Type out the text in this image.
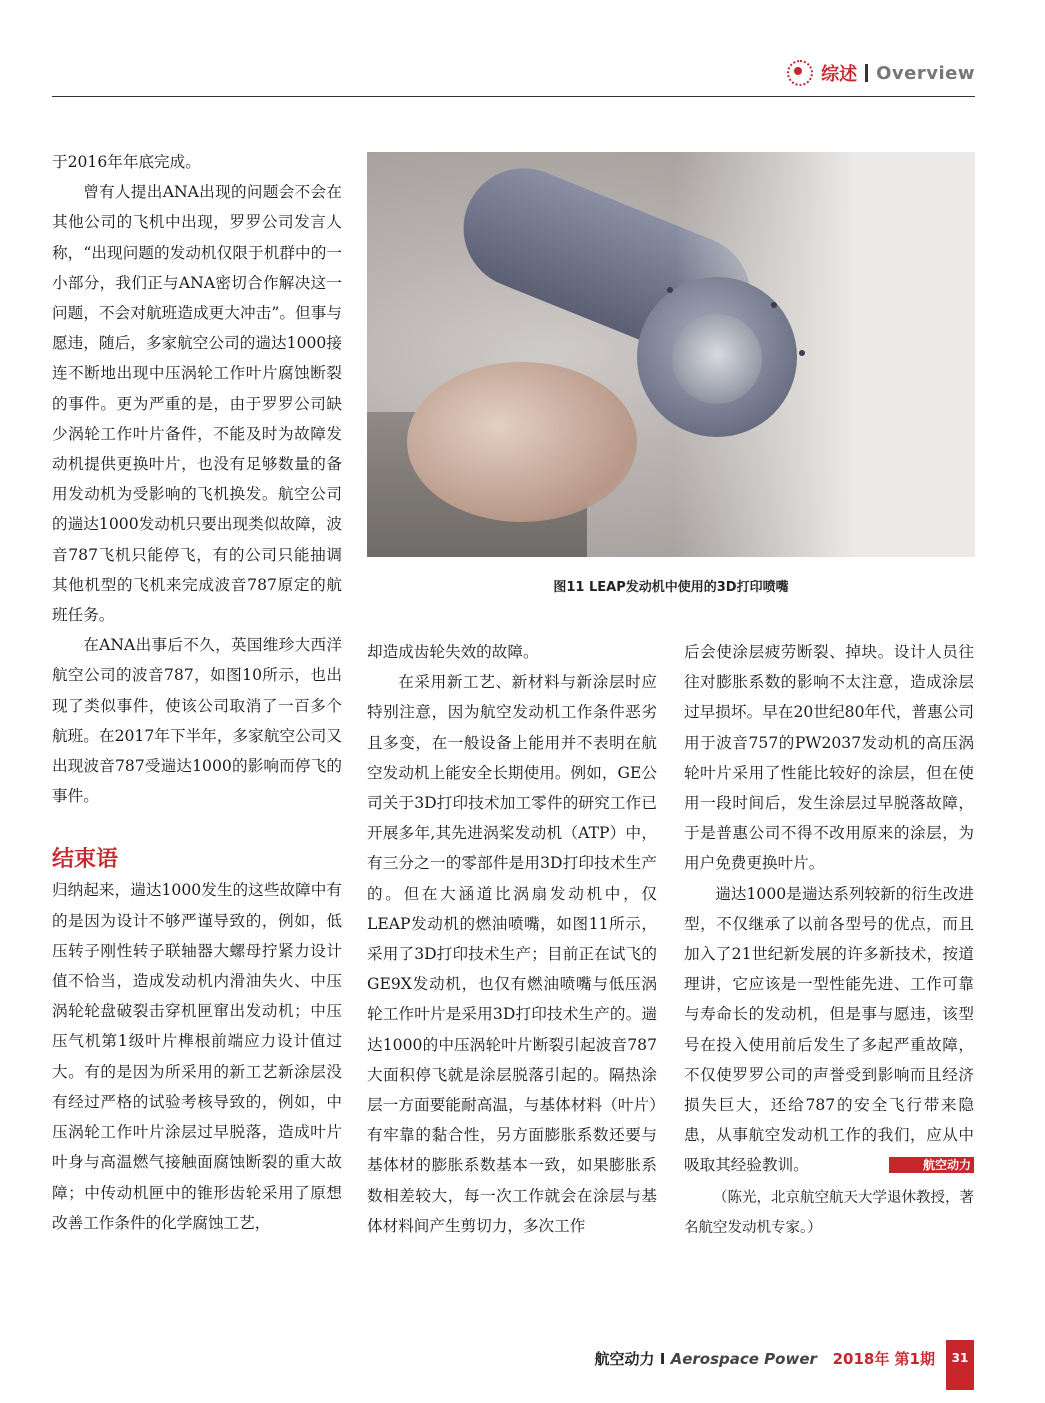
综述 Overview

于2016年年底完成。

曾有人提出ANA出现的问题会不会在其他公司的飞机中出现，罗罗公司发言人称，“出现问题的发动机仅限于机群中的一小部分，我们正与ANA密切合作解决这一问题，不会对航班造成更大冲击”。但事与愿违，随后，多家航空公司的遄达1000接连不断地出现中压涡轮工作叶片腐蚀断裂的事件。更为严重的是，由于罗罗公司缺少涡轮工作叶片备件，不能及时为故障发动机提供更换叶片，也没有足够数量的备用发动机为受影响的飞机换发。航空公司的遄达1000发动机只要出现类似故障，波音787飞机只能停飞，有的公司只能抽调其他机型的飞机来完成波音787原定的航班任务。

在ANA出事后不久，英国维珍大西洋航空公司的波音787，如图10所示，也出现了类似事件，使该公司取消了一百多个航班。在2017年下半年，多家航空公司又出现波音787受遄达1000的影响而停飞的事件。

结束语

归纳起来，遄达1000发生的这些故障中有的是因为设计不够严谨导致的，例如，低压转子刚性转子联轴器大螺母拧紧力设计值不恰当，造成发动机内滑油失火、中压涡轮轮盘破裂击穿机匣窜出发动机；中压压气机第1级叶片榫根前端应力设计值过大。有的是因为所采用的新工艺新涂层没有经过严格的试验考核导致的，例如，中压涡轮工作叶片涂层过早脱落，造成叶片叶身与高温燃气接触面腐蚀断裂的重大故障；中传动机匣中的锥形齿轮采用了原想改善工作条件的化学腐蚀工艺，

图11 LEAP发动机中使用的3D打印喷嘴

却造成齿轮失效的故障。

在采用新工艺、新材料与新涂层时应特别注意，因为航空发动机工作条件恶劣且多变，在一般设备上能用并不表明在航空发动机上能安全长期使用。例如，GE公司关于3D打印技术加工零件的研究工作已开展多年,其先进涡桨发动机（ATP）中，有三分之一的零部件是用3D打印技术生产的。但在大涵道比涡扇发动机中，仅LEAP发动机的燃油喷嘴，如图11所示，采用了3D打印技术生产；目前正在试飞的GE9X发动机，也仅有燃油喷嘴与低压涡轮工作叶片是采用3D打印技术生产的。遄达1000的中压涡轮叶片断裂引起波音787大面积停飞就是涂层脱落引起的。隔热涂层一方面要能耐高温，与基体材料（叶片）有牢靠的黏合性，另方面膨胀系数还要与基体材的膨胀系数基本一致，如果膨胀系数相差较大，每一次工作就会在涂层与基体材料间产生剪切力，多次工作

后会使涂层疲劳断裂、掉块。设计人员往往对膨胀系数的影响不太注意，造成涂层过早损坏。早在20世纪80年代，普惠公司用于波音757的PW2037发动机的高压涡轮叶片采用了性能比较好的涂层，但在使用一段时间后，发生涂层过早脱落故障，于是普惠公司不得不改用原来的涂层，为用户免费更换叶片。

遄达1000是遄达系列较新的衍生改进型，不仅继承了以前各型号的优点，而且加入了21世纪新发展的许多新技术，按道理讲，它应该是一型性能先进、工作可靠与寿命长的发动机，但是事与愿违，该型号在投入使用前后发生了多起严重故障，不仅使罗罗公司的声誉受到影响而且经济损失巨大，还给787的安全飞行带来隐患，从事航空发动机工作的我们，应从中吸取其经验教训。	航空动力

（陈光，北京航空航天大学退休教授，著名航空发动机专家。）

航空动力 I Aerospace Power 2018年 第1期	31
